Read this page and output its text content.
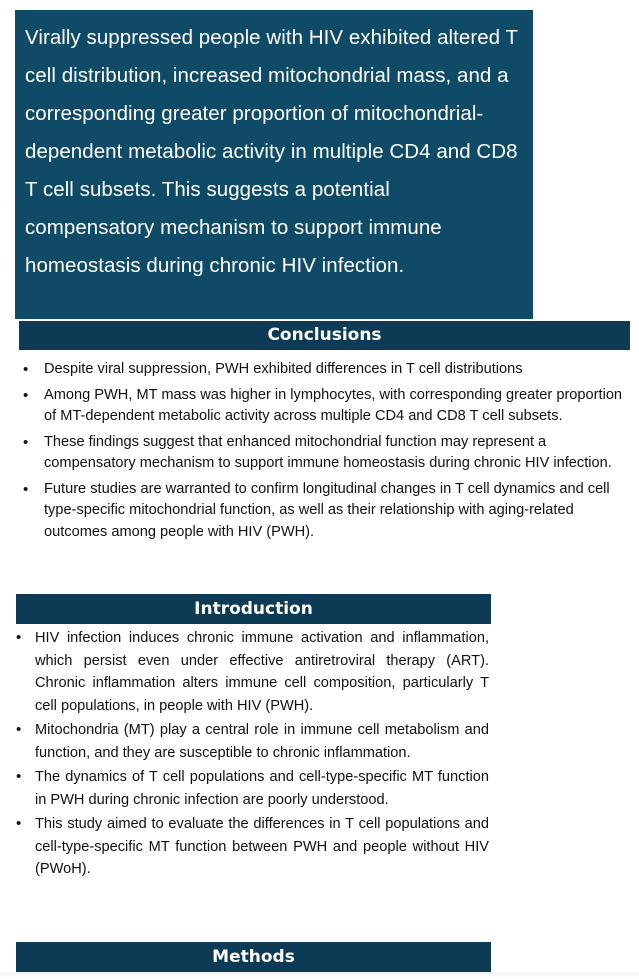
Virally suppressed people with HIV exhibited altered T cell distribution, increased mitochondrial mass, and a corresponding greater proportion of mitochondrial-dependent metabolic activity in multiple CD4 and CD8 T cell subsets. This suggests a potential compensatory mechanism to support immune homeostasis during chronic HIV infection.

Conclusions
• Despite viral suppression, PWH exhibited differences in T cell distributions
• Among PWH, MT mass was higher in lymphocytes, with corresponding greater proportion of MT-dependent metabolic activity across multiple CD4 and CD8 T cell subsets.
• These findings suggest that enhanced mitochondrial function may represent a compensatory mechanism to support immune homeostasis during chronic HIV infection.
• Future studies are warranted to confirm longitudinal changes in T cell dynamics and cell type-specific mitochondrial function, as well as their relationship with aging-related outcomes among people with HIV (PWH).
Introduction
• HIV infection induces chronic immune activation and inflammation, which persist even under effective antiretroviral therapy (ART). Chronic inflammation alters immune cell composition, particularly T cell populations, in people with HIV (PWH).
• Mitochondria (MT) play a central role in immune cell metabolism and function, and they are susceptible to chronic inflammation.
• The dynamics of T cell populations and cell-type-specific MT function in PWH during chronic infection are poorly understood.
• This study aimed to evaluate the differences in T cell populations and cell-type-specific MT function between PWH and people without HIV (PWoH).
Methods
